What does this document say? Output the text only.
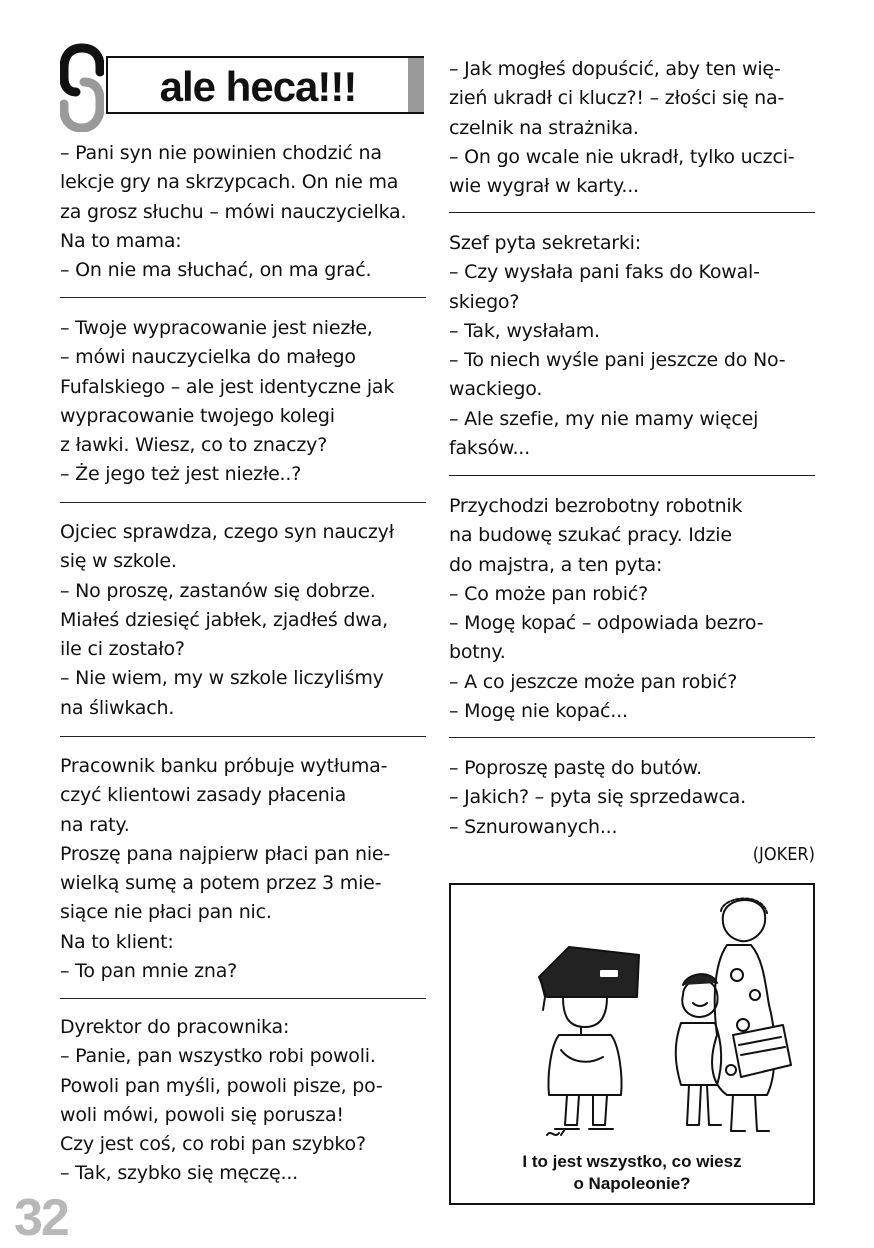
ale heca!!!
– Pani syn nie powinien chodzić na
lekcje gry na skrzypcach. On nie ma
za grosz słuchu – mówi nauczycielka.
Na to mama:
– On nie ma słuchać, on ma grać.
– Twoje wypracowanie jest niezłe,
– mówi nauczycielka do małego
Fufalskiego – ale jest identyczne jak
wypracowanie twojego kolegi
z ławki. Wiesz, co to znaczy?
– Że jego też jest niezłe..?
Ojciec sprawdza, czego syn nauczył
się w szkole.
– No proszę, zastanów się dobrze.
Miałeś dziesięć jabłek, zjadłeś dwa,
ile ci zostało?
– Nie wiem, my w szkole liczyliśmy
na śliwkach.
Pracownik banku próbuje wytłuma-
czyć klientowi zasady płacenia
na raty.
Proszę pana najpierw płaci pan nie-
wielką sumę a potem przez 3 mie-
siące nie płaci pan nic.
Na to klient:
– To pan mnie zna?
Dyrektor do pracownika:
– Panie, pan wszystko robi powoli.
Powoli pan myśli, powoli pisze, po-
woli mówi, powoli się porusza!
Czy jest coś, co robi pan szybko?
– Tak, szybko się męczę...
– Jak mogłeś dopuścić, aby ten wię-
zień ukradł ci klucz?! – złości się na-
czelnik na strażnika.
– On go wcale nie ukradł, tylko uczci-
wie wygrał w karty...
Szef pyta sekretarki:
– Czy wysłała pani faks do Kowal-
skiego?
– Tak, wysłałam.
– To niech wyśle pani jeszcze do No-
wackiego.
– Ale szefie, my nie mamy więcej
faksów...
Przychodzi bezrobotny robotnik
na budowę szukać pracy. Idzie
do majstra, a ten pyta:
– Co może pan robić?
– Mogę kopać – odpowiada bezro-
botny.
– A co jeszcze może pan robić?
– Mogę nie kopać...
– Poproszę pastę do butów.
– Jakich? – pyta się sprzedawca.
– Sznurowanych...
(JOKER)
I to jest wszystko, co wiesz
o Napoleonie?
32
